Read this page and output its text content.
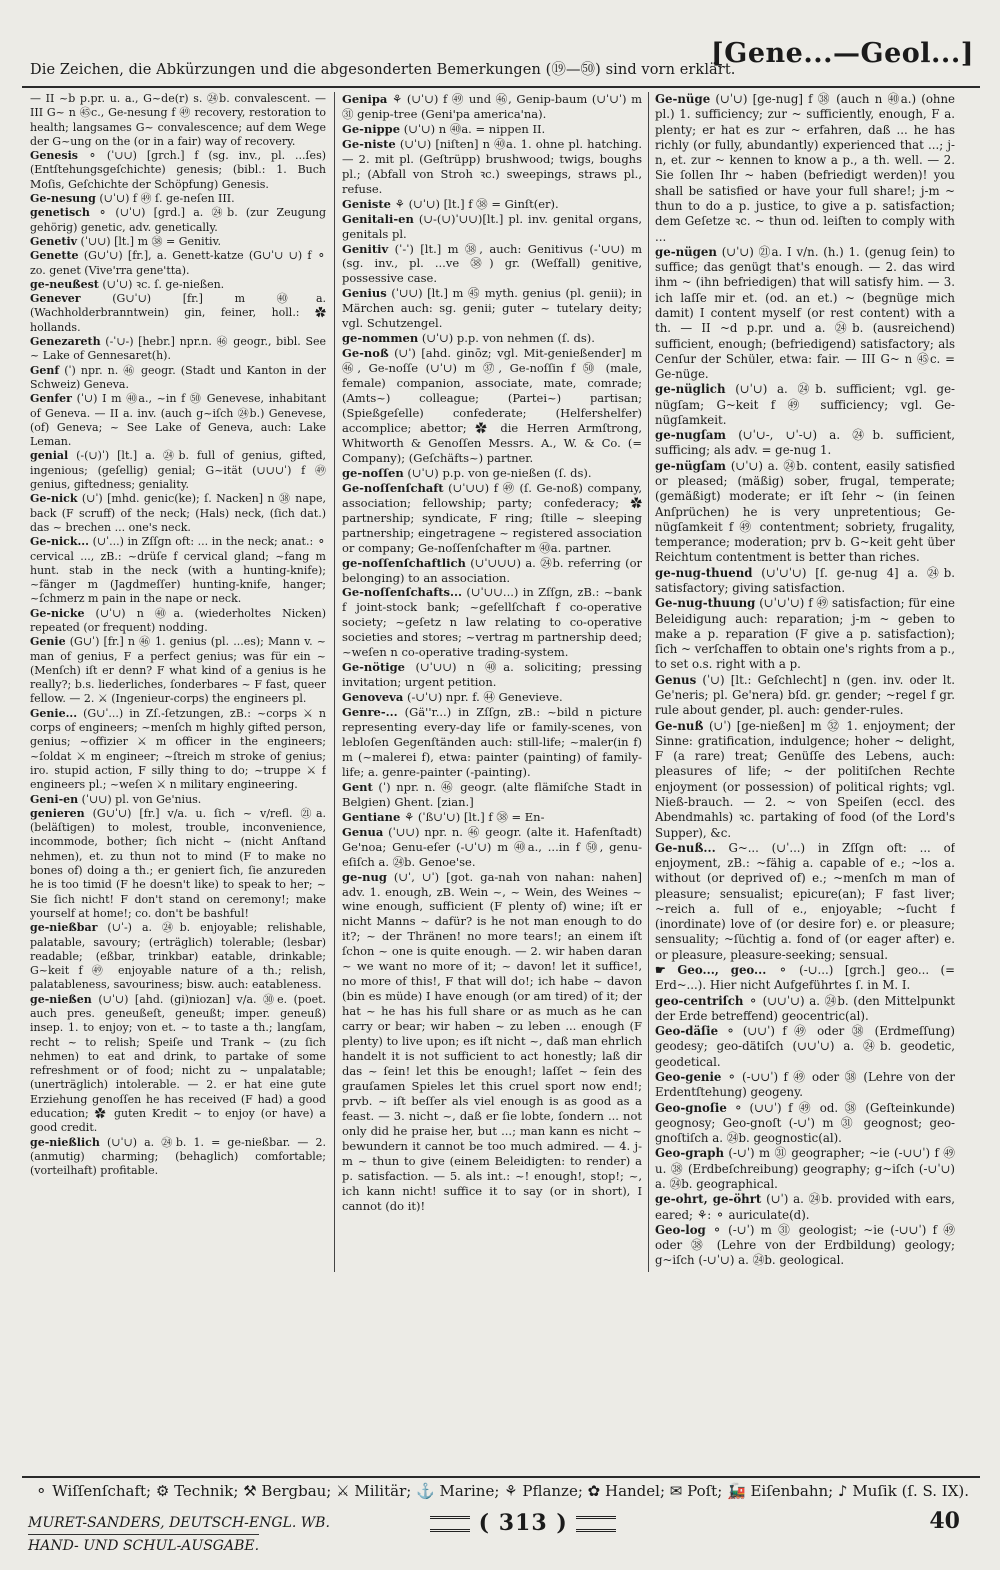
Die Zeichen, die Abkürzungen und die abgesonderten Bemerkungen (⑲—㊿) sind vorn erklärt.
[Gene...—Geol...]

— II ~b p.pr. u. a., G~de(r) s. ㉔b. convalescent. — III G~ n ㊺c., Ge-nesung f ㊾ recovery, restoration to health; langsames G~ convalescence; auf dem Wege der G~ung on the (or in a fair) way of recovery.

Genesis ⚬ (ˈ∪∪) [grch.] f (sg. inv., pl. ...ſes) (Entſtehungsgeſchichte) genesis; (bibl.: 1. Buch Moſis, Geſchichte der Schöpfung) Genesis.

Ge-nesung (∪ˈ∪) f ㊾ ſ. ge-neſen III.

genetisch ⚬ (∪ˈ∪) [grd.] a. ㉔b. (zur Zeugung gehörig) genetic, adv. genetically.

Genetiv (ˈ∪∪) [lt.] m ㊳ = Genitiv.

Genette (G∪ˈ∪) [fr.], a. Genett-katze (G∪ˈ∪ ∪) f ⚬ zo. genet (Vive'rra gene'tta).

ge-neußest (∪ˈ∪) ꝛc. ſ. ge-nießen.

Genever (G∪ˈ∪) [fr.] m ㊵a. (Wachholderbranntwein) gin, feiner, holl.: ✿ hollands.

Genezareth (-ˈ∪-) [hebr.] npr.n. ㊻ geogr., bibl. See ~ Lake of Gennesaret(h).

Genf (ˈ) npr. n. ㊻ geogr. (Stadt und Kanton in der Schweiz) Geneva.

Genfer (ˈ∪) I m ㊵a., ~in f ㊿ Genevese, inhabitant of Geneva. — II a. inv. (auch g~iſch ㉔b.) Genevese, (of) Geneva; ~ See Lake of Geneva, auch: Lake Leman.

genial (-(∪)ˈ) [lt.] a. ㉔b. full of genius, gifted, ingenious; (geſellig) genial; G~ität (∪∪∪ˈ) f ㊾ genius, giftedness; geniality.

Ge-nick (∪ˈ) [mhd. genic(ke); ſ. Nacken] n ㊳ nape, back (F scruff) of the neck; (Hals) neck, (ſich dat.) das ~ brechen ... one's neck.

Ge-nick... (∪ˈ...) in Zſſgn oft: ... in the neck; anat.: ⚬ cervical ..., zB.: ~drüſe f cervical gland; ~fang m hunt. stab in the neck (with a hunting-knife); ~fänger m (Jagdmeſſer) hunting-knife, hanger; ~ſchmerz m pain in the nape or neck.

Ge-nicke (∪ˈ∪) n ㊵a. (wiederholtes Nicken) repeated (or frequent) nodding.

Genie (G∪ˈ) [fr.] n ㊻ 1. genius (pl. ...es); Mann v. ~ man of genius, F a perfect genius; was für ein ~ (Menſch) iſt er denn? F what kind of a genius is he really?; b.s. liederliches, ſonderbares ~ F fast, queer fellow. — 2. ⚔ (Ingenieur-corps) the engineers pl.

Genie... (G∪ˈ...) in Zſ.-ſetzungen, zB.: ~corps ⚔ n corps of engineers; ~menſch m highly gifted person, genius; ~offizier ⚔ m officer in the engineers; ~ſoldat ⚔ m engineer; ~ſtreich m stroke of genius; iro. stupid action, F silly thing to do; ~truppe ⚔ f engineers pl.; ~weſen ⚔ n military engineering.

Geni-en (ˈ∪∪) pl. von Ge'nius.

genieren (G∪ˈ∪) [fr.] v/a. u. ſich ~ v/refl. ㉑a. (beläſtigen) to molest, trouble, inconvenience, incommode, bother; ſich nicht ~ (nicht Anſtand nehmen), et. zu thun not to mind (F to make no bones of) doing a th.; er geniert ſich, ſie anzureden he is too timid (F he doesn't like) to speak to her; ~ Sie ſich nicht! F don't stand on ceremony!; make yourself at home!; co. don't be bashful!

ge-nießbar (∪ˈ-) a. ㉔b. enjoyable; relishable, palatable, savoury; (erträglich) tolerable; (lesbar) readable; (eßbar, trinkbar) eatable, drinkable; G~keit f ㊾ enjoyable nature of a th.; relish, palatableness, savouriness; bisw. auch: eatableness.

ge-nießen (∪ˈ∪) [ahd. (gi)niozan] v/a. ㉚e. (poet. auch pres. geneußeſt, geneußt; imper. geneuß) insep. 1. to enjoy; von et. ~ to taste a th.; langſam, recht ~ to relish; Speiſe und Trank ~ (zu ſich nehmen) to eat and drink, to partake of some refreshment or of food; nicht zu ~ unpalatable; (unerträglich) intolerable. — 2. er hat eine gute Erziehung genoſſen he has received (F had) a good education; ✿ guten Kredit ~ to enjoy (or have) a good credit.

ge-nießlich (∪ˈ∪) a. ㉔b. 1. = ge-nießbar. — 2. (anmutig) charming; (behaglich) comfortable; (vorteilhaft) profitable.

Genipa ⚘ (∪ˈ∪) f ㊾ und ㊻, Genip-baum (∪ˈ∪ˈ) m ㉛ genip-tree (Geni'pa america'na).

Ge-nippe (∪ˈ∪) n ㊵a. = nippen II.

Ge-niste (∪ˈ∪) [niſten] n ㊵a. 1. ohne pl. hatching. — 2. mit pl. (Geſtrüpp) brushwood; twigs, boughs pl.; (Abfall von Stroh ꝛc.) sweepings, straws pl., refuse.

Geniste ⚘ (∪ˈ∪) [lt.] f ㊳ = Ginſt(er).

Genitali-en (∪-(∪)ˈ∪∪)[lt.] pl. inv. genital organs, genitals pl.

Genitiv (ˈ-ˈ) [lt.] m ㊳, auch: Genitivus (-ˈ∪∪) m (sg. inv., pl. ...ve ㊳) gr. (Weſfall) genitive, possessive case.

Genius (ˈ∪∪) [lt.] m ㊺ myth. genius (pl. genii); in Märchen auch: sg. genii; guter ~ tutelary deity; vgl. Schutzengel.

ge-nommen (∪ˈ∪) p.p. von nehmen (ſ. ds).

Ge-noß (∪ˈ) [ahd. ginōz; vgl. Mit-genießender] m ㊻, Ge-noſſe (∪ˈ∪) m ㊲, Ge-noſſin f ㊿ (male, female) companion, associate, mate, comrade; (Amts~) colleague; (Partei~) partisan; (Spießgeſelle) confederate; (Helfershelfer) accomplice; abettor; ✿ die Herren Armſtrong, Whitworth & Genoſſen Messrs. A., W. & Co. (= Company); (Geſchäfts~) partner.

ge-noſſen (∪ˈ∪) p.p. von ge-nießen (ſ. ds).

Ge-noſſenſchaft (∪ˈ∪∪) f ㊾ (ſ. Ge-noß) company, association; fellowship; party; confederacy; ✿ partnership; syndicate, F ring; ſtille ~ sleeping partnership; eingetragene ~ registered association or company; Ge-noſſenſchafter m ㊵a. partner.

ge-noſſenſchaftlich (∪ˈ∪∪∪) a. ㉔b. referring (or belonging) to an association.

Ge-noſſenſchafts... (∪ˈ∪∪...) in Zſſgn, zB.: ~bank f joint-stock bank; ~geſellſchaft f co-operative society; ~geſetz n law relating to co-operative societies and stores; ~vertrag m partnership deed; ~weſen n co-operative trading-system.

Ge-nötige (∪ˈ∪∪) n ㊵a. soliciting; pressing invitation; urgent petition.

Genoveva (-∪ˈ∪) npr. f. ㊹ Genevieve.

Genre-... (Gä''r...) in Zſſgn, zB.: ~bild n picture representing every-day life or family-scenes, von lebloſen Gegenſtänden auch: still-life; ~maler(in f) m (~malerei f), etwa: painter (painting) of family-life; a. genre-painter (-painting).

Gent (ˈ) npr. n. ㊻ geogr. (alte flämiſche Stadt in Belgien) Ghent. [zian.]

Gentiane ⚘ (ˈß∪ˈ∪) [lt.] f ㊳ = En-

Genua (ˈ∪∪) npr. n. ㊻ geogr. (alte it. Hafenſtadt) Ge'noa; Genu-eſer (-∪ˈ∪) m ㊵a., ...in f ㊿, genu-eſiſch a. ㉔b. Genoe'se.

ge-nug (∪ˈ, ∪ˈ) [got. ga-nah von nahan: nahen] adv. 1. enough, zB. Wein ~, ~ Wein, des Weines ~ wine enough, sufficient (F plenty of) wine; iſt er nicht Manns ~ dafür? is he not man enough to do it?; ~ der Thränen! no more tears!; an einem iſt ſchon ~ one is quite enough. — 2. wir haben daran ~ we want no more of it; ~ davon! let it suffice!, no more of this!, F that will do!; ich habe ~ davon (bin es müde) I have enough (or am tired) of it; der hat ~ he has his full share or as much as he can carry or bear; wir haben ~ zu leben ... enough (F plenty) to live upon; es iſt nicht ~, daß man ehrlich handelt it is not sufficient to act honestly; laß dir das ~ ſein! let this be enough!; laſſet ~ ſein des grauſamen Spieles let this cruel sport now end!; prvb. ~ iſt beſſer als viel enough is as good as a feast. — 3. nicht ~, daß er ſie lobte, ſondern ... not only did he praise her, but ...; man kann es nicht ~ bewundern it cannot be too much admired. — 4. j-m ~ thun to give (einem Beleidigten: to render) a p. satisfaction. — 5. als int.: ~! enough!, stop!; ~, ich kann nicht! suffice it to say (or in short), I cannot (do it)!

Ge-nüge (∪ˈ∪) [ge-nug] f ㊳ (auch n ㊵a.) (ohne pl.) 1. sufficiency; zur ~ sufficiently, enough, F a. plenty; er hat es zur ~ erfahren, daß ... he has richly (or fully, abundantly) experienced that ...; j-n, et. zur ~ kennen to know a p., a th. well. — 2. Sie ſollen Ihr ~ haben (befriedigt werden)! you shall be satisfied or have your full share!; j-m ~ thun to do a p. justice, to give a p. satisfaction; dem Geſetze ꝛc. ~ thun od. leiſten to comply with ...

ge-nügen (∪ˈ∪) ㉑a. I v/n. (h.) 1. (genug ſein) to suffice; das genügt that's enough. — 2. das wird ihm ~ (ihn befriedigen) that will satisfy him. — 3. ich laſſe mir et. (od. an et.) ~ (begnüge mich damit) I content myself (or rest content) with a th. — II ~d p.pr. und a. ㉔b. (ausreichend) sufficient, enough; (befriedigend) satisfactory; als Cenſur der Schüler, etwa: fair. — III G~ n ㊺c. = Ge-nüge.

ge-nüglich (∪ˈ∪) a. ㉔b. sufficient; vgl. ge-nügſam; G~keit f ㊾ sufficiency; vgl. Ge-nügſamkeit.

ge-nugſam (∪ˈ∪-, ∪ˈ-∪) a. ㉔b. sufficient, sufficing; als adv. = ge-nug 1.

ge-nügſam (∪ˈ∪) a. ㉔b. content, easily satisfied or pleased; (mäßig) sober, frugal, temperate; (gemäßigt) moderate; er iſt ſehr ~ (in ſeinen Anſprüchen) he is very unpretentious; Ge-nügſamkeit f ㊾ contentment; sobriety, frugality, temperance; moderation; prv b. G~keit geht über Reichtum contentment is better than riches.

ge-nug-thuend (∪ˈ∪ˈ∪) [ſ. ge-nug 4] a. ㉔b. satisfactory; giving satisfaction.

Ge-nug-thuung (∪ˈ∪ˈ∪) f ㊾ satisfaction; für eine Beleidigung auch: reparation; j-m ~ geben to make a p. reparation (F give a p. satisfaction); ſich ~ verſchaffen to obtain one's rights from a p., to set o.s. right with a p.

Genus (ˈ∪) [lt.: Geſchlecht] n (gen. inv. oder lt. Ge'neris; pl. Ge'nera) bſd. gr. gender; ~regel f gr. rule about gender, pl. auch: gender-rules.

Ge-nuß (∪ˈ) [ge-nießen] m ㉜ 1. enjoyment; der Sinne: gratification, indulgence; hoher ~ delight, F (a rare) treat; Genüſſe des Lebens, auch: pleasures of life; ~ der politiſchen Rechte enjoyment (or possession) of political rights; vgl. Nieß-brauch. — 2. ~ von Speiſen (eccl. des Abendmahls) ꝛc. partaking of food (of the Lord's Supper), &c.

Ge-nuß... G~... (∪ˈ...) in Zſſgn oft: ... of enjoyment, zB.: ~fähig a. capable of e.; ~los a. without (or deprived of) e.; ~menſch m man of pleasure; sensualist; epicure(an); F fast liver; ~reich a. full of e., enjoyable; ~ſucht f (inordinate) love of (or desire for) e. or pleasure; sensuality; ~ſüchtig a. fond of (or eager after) e. or pleasure, pleasure-seeking; sensual.

☛ Geo..., geo... ⚬ (-∪...) [grch.] geo... (= Erd~...). Hier nicht Aufgeführtes ſ. in M. I.

geo-centriſch ⚬ (∪∪ˈ∪) a. ㉔b. (den Mittelpunkt der Erde betreffend) geocentric(al).

Geo-däſie ⚬ (∪∪ˈ) f ㊾ oder ㊳ (Erdmeſſung) geodesy; geo-dätiſch (∪∪ˈ∪) a. ㉔b. geodetic, geodetical.

Geo-genie ⚬ (-∪∪ˈ) f ㊾ oder ㊳ (Lehre von der Erdentſtehung) geogeny.

Geo-gnoſie ⚬ (∪∪ˈ) f ㊾ od. ㊳ (Geſteinkunde) geognosy; Geo-gnoſt (-∪ˈ) m ㉛ geognost; geo-gnoſtiſch a. ㉔b. geognostic(al).

Geo-graph (-∪ˈ) m ㉛ geographer; ~ie (-∪∪ˈ) f ㊾ u. ㊳ (Erdbeſchreibung) geography; g~iſch (-∪ˈ∪) a. ㉔b. geographical.

ge-ohrt, ge-öhrt (∪ˈ) a. ㉔b. provided with ears, eared; ⚘: ⚬ auriculate(d).

Geo-log ⚬ (-∪ˈ) m ㉛ geologist; ~ie (-∪∪ˈ) f ㊾ oder ㊳ (Lehre von der Erdbildung) geology; g~iſch (-∪ˈ∪) a. ㉔b. geological.

⚬ Wiſſenſchaft; ⚙ Technik; ⚒ Bergbau; ⚔ Militär; ⚓ Marine; ⚘ Pflanze; ✿ Handel; ✉ Poſt; 🚂 Eiſenbahn; ♪ Muſik (ſ. S. IX).
MURET-SANDERS, DEUTSCH-ENGL. WB.
HAND- UND SCHUL-AUSGABE.
( 313 )	40
